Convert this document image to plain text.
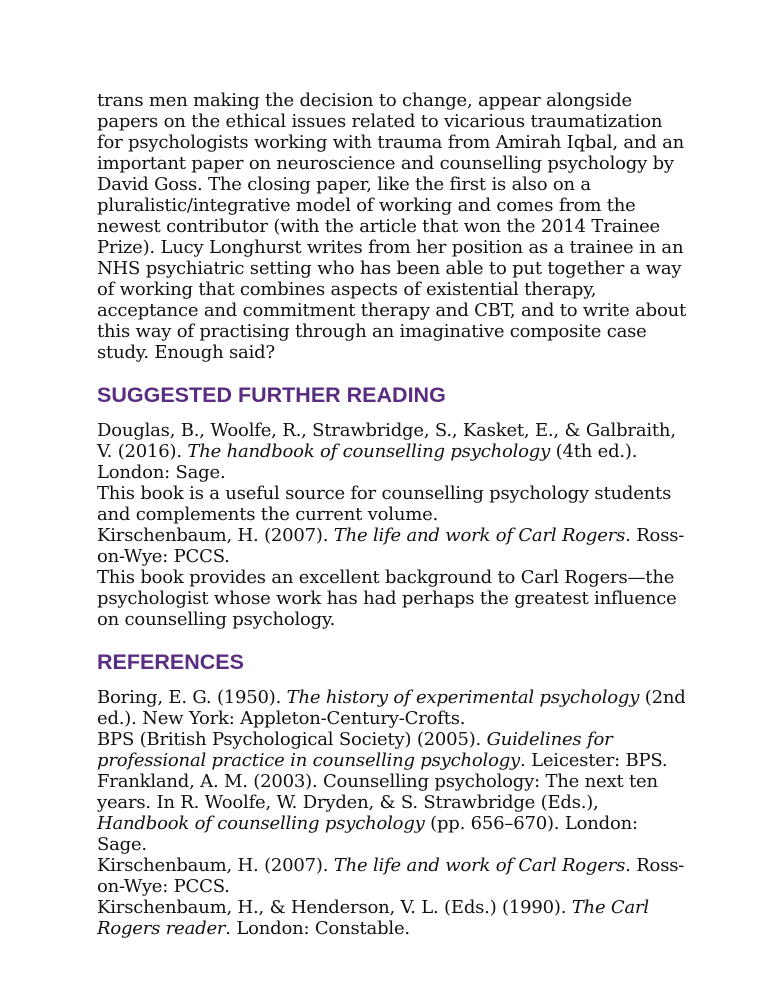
trans men making the decision to change, appear alongside papers on the ethical issues related to vicarious traumatization for psychologists working with trauma from Amirah Iqbal, and an important paper on neuroscience and counselling psychology by David Goss. The closing paper, like the first is also on a pluralistic/integrative model of working and comes from the newest contributor (with the article that won the 2014 Trainee Prize). Lucy Longhurst writes from her position as a trainee in an NHS psychiatric setting who has been able to put together a way of working that combines aspects of existential therapy, acceptance and commitment therapy and CBT, and to write about this way of practising through an imaginative composite case study. Enough said?

SUGGESTED FURTHER READING

Douglas, B., Woolfe, R., Strawbridge, S., Kasket, E., & Galbraith, V. (2016). The handbook of counselling psychology (4th ed.). London: Sage.

This book is a useful source for counselling psychology students and complements the current volume.

Kirschenbaum, H. (2007). The life and work of Carl Rogers. Ross-on-Wye: PCCS.

This book provides an excellent background to Carl Rogers—the psychologist whose work has had perhaps the greatest influence on counselling psychology.

REFERENCES

Boring, E. G. (1950). The history of experimental psychology (2nd ed.). New York: Appleton-Century-Crofts.

BPS (British Psychological Society) (2005). Guidelines for professional practice in counselling psychology. Leicester: BPS.

Frankland, A. M. (2003). Counselling psychology: The next ten years. In R. Woolfe, W. Dryden, & S. Strawbridge (Eds.), Handbook of counselling psychology (pp. 656–670). London: Sage.

Kirschenbaum, H. (2007). The life and work of Carl Rogers. Ross-on-Wye: PCCS.

Kirschenbaum, H., & Henderson, V. L. (Eds.) (1990). The Carl Rogers reader. London: Constable.
